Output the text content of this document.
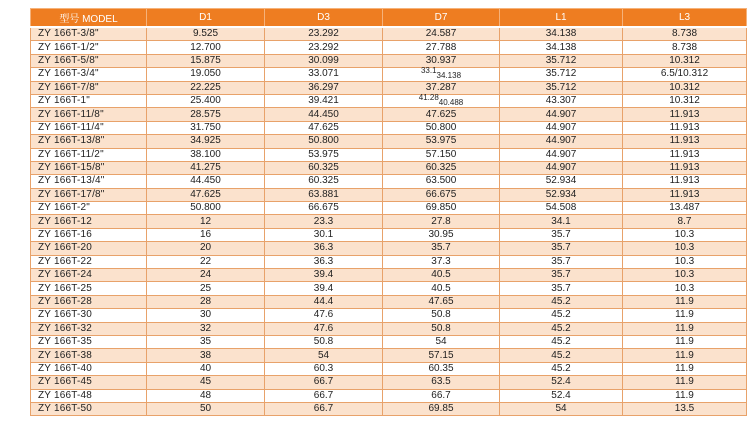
型号 MODEL	D1	D3	D7	L1	L3
ZY 166T-3/8"	9.525	23.292	24.587	34.138	8.738
ZY 166T-1/2"	12.700	23.292	27.788	34.138	8.738
ZY 166T-5/8"	15.875	30.099	30.937	35.712	10.312
ZY 166T-3/4"	19.050	33.071	33.134.138	35.712	6.5/10.312
ZY 166T-7/8"	22.225	36.297	37.287	35.712	10.312
ZY 166T-1"	25.400	39.421	41.2840.488	43.307	10.312
ZY 166T-11/8"	28.575	44.450	47.625	44.907	11.913
ZY 166T-11/4"	31.750	47.625	50.800	44.907	11.913
ZY 166T-13/8"	34.925	50.800	53.975	44.907	11.913
ZY 166T-11/2"	38.100	53.975	57.150	44.907	11.913
ZY 166T-15/8"	41.275	60.325	60.325	44.907	11.913
ZY 166T-13/4"	44.450	60.325	63.500	52.934	11.913
ZY 166T-17/8"	47.625	63.881	66.675	52.934	11.913
ZY 166T-2"	50.800	66.675	69.850	54.508	13.487
ZY 166T-12	12	23.3	27.8	34.1	8.7
ZY 166T-16	16	30.1	30.95	35.7	10.3
ZY 166T-20	20	36.3	35.7	35.7	10.3
ZY 166T-22	22	36.3	37.3	35.7	10.3
ZY 166T-24	24	39.4	40.5	35.7	10.3
ZY 166T-25	25	39.4	40.5	35.7	10.3
ZY 166T-28	28	44.4	47.65	45.2	11.9
ZY 166T-30	30	47.6	50.8	45.2	11.9
ZY 166T-32	32	47.6	50.8	45.2	11.9
ZY 166T-35	35	50.8	54	45.2	11.9
ZY 166T-38	38	54	57.15	45.2	11.9
ZY 166T-40	40	60.3	60.35	45.2	11.9
ZY 166T-45	45	66.7	63.5	52.4	11.9
ZY 166T-48	48	66.7	66.7	52.4	11.9
ZY 166T-50	50	66.7	69.85	54	13.5
